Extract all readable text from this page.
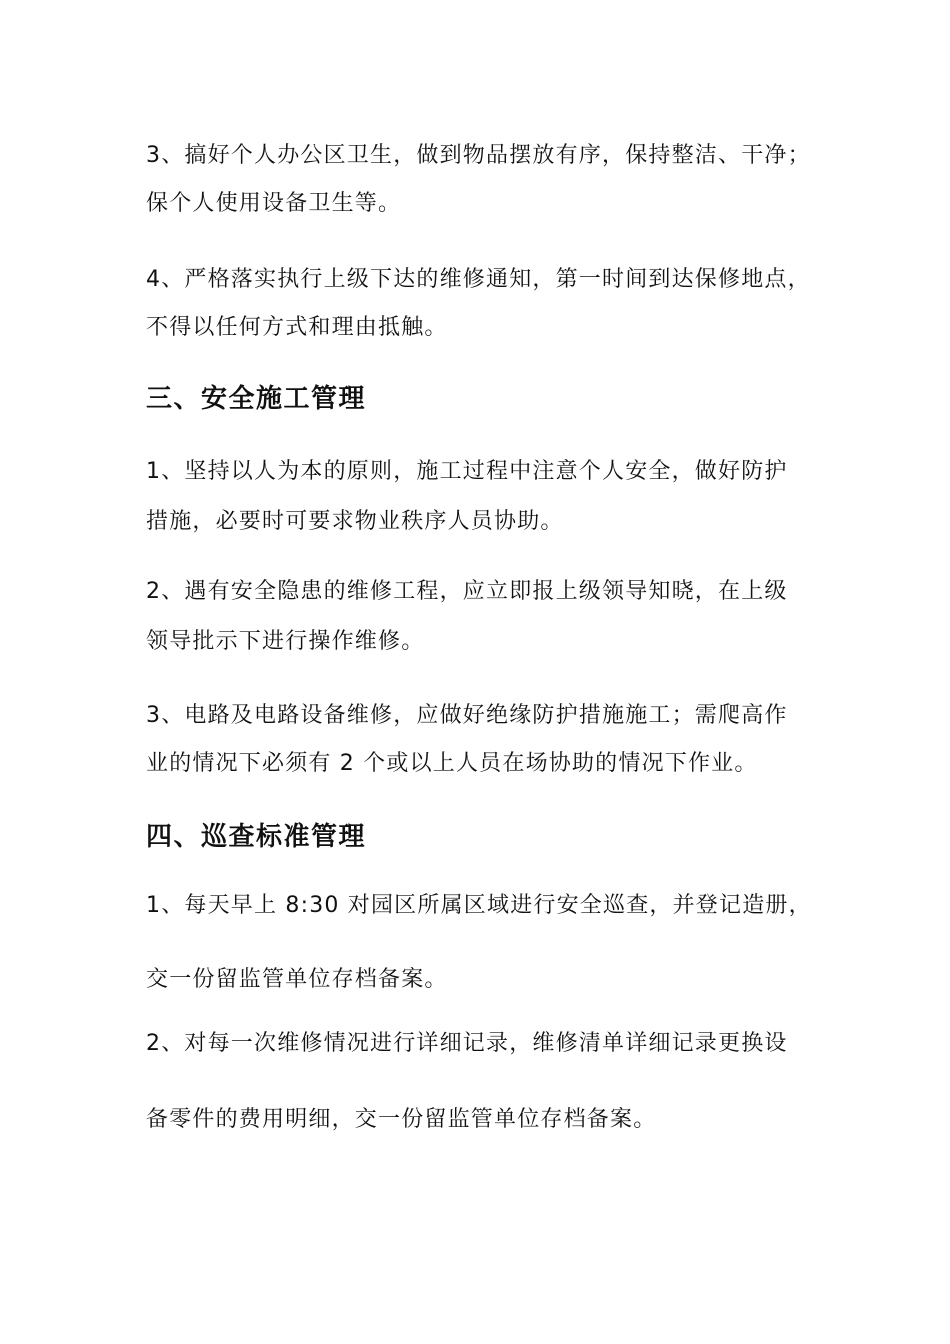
3、搞好个人办公区卫生，做到物品摆放有序，保持整洁、干净；
保个人使用设备卫生等。
4、严格落实执行上级下达的维修通知，第一时间到达保修地点，
不得以任何方式和理由抵触。
三、安全施工管理
1、坚持以人为本的原则，施工过程中注意个人安全，做好防护
措施，必要时可要求物业秩序人员协助。
2、遇有安全隐患的维修工程，应立即报上级领导知晓，在上级
领导批示下进行操作维修。
3、电路及电路设备维修，应做好绝缘防护措施施工；需爬高作
业的情况下必须有 2 个或以上人员在场协助的情况下作业。
四、巡查标准管理
1、每天早上 8:30 对园区所属区域进行安全巡查，并登记造册，
交一份留监管单位存档备案。
2、对每一次维修情况进行详细记录，维修清单详细记录更换设
备零件的费用明细，交一份留监管单位存档备案。
